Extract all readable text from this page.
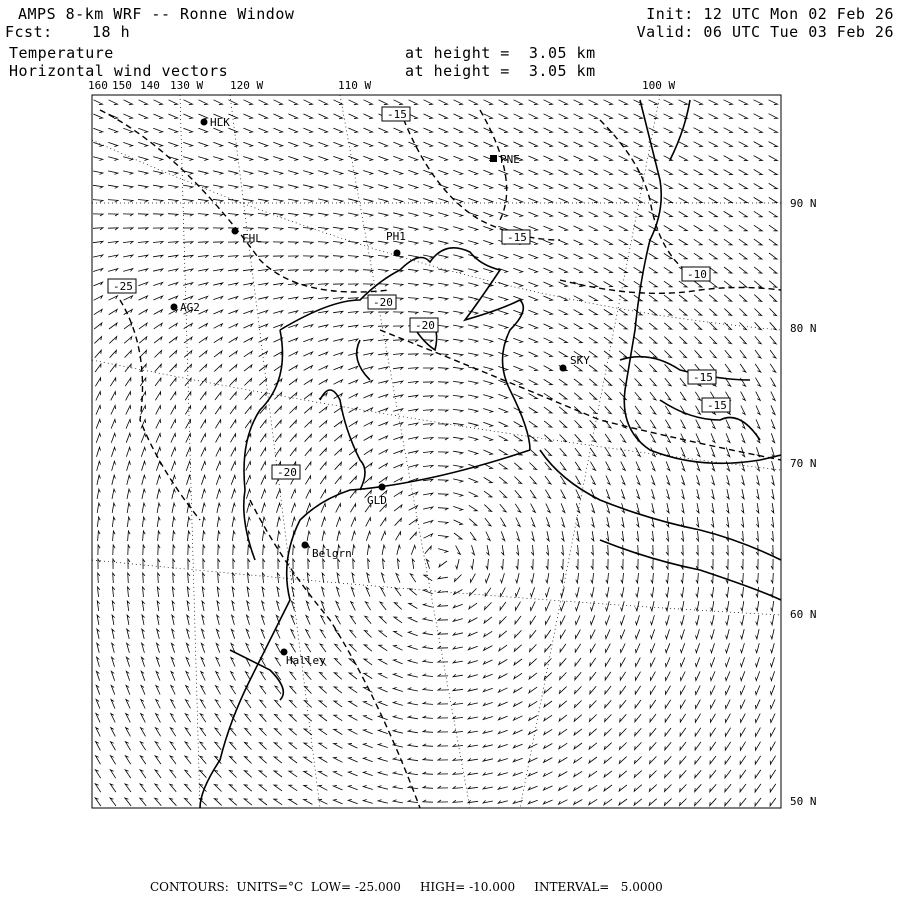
AMPS 8-km WRF -- Ronne Window
Fcst:	18 h
Init: 12 UTC Mon 02 Feb 26
Valid: 06 UTC Tue 03 Feb 26
Temperature
Horizontal wind vectors
at height =  3.05 km
at height =  3.05 km
160 150 140 130 W 120 W	110 W	100 W
90 N
80 N
70 N
60 N
50 N
HLK
PNE
FHL	PH1
AG2
SKY
GLD
Belgrn
Halley
-15
-15
-10
-25
-20
-20
-20
-15
-15
CONTOURS:  UNITS=°C  LOW= -25.000     HIGH= -10.000     INTERVAL=   5.0000
